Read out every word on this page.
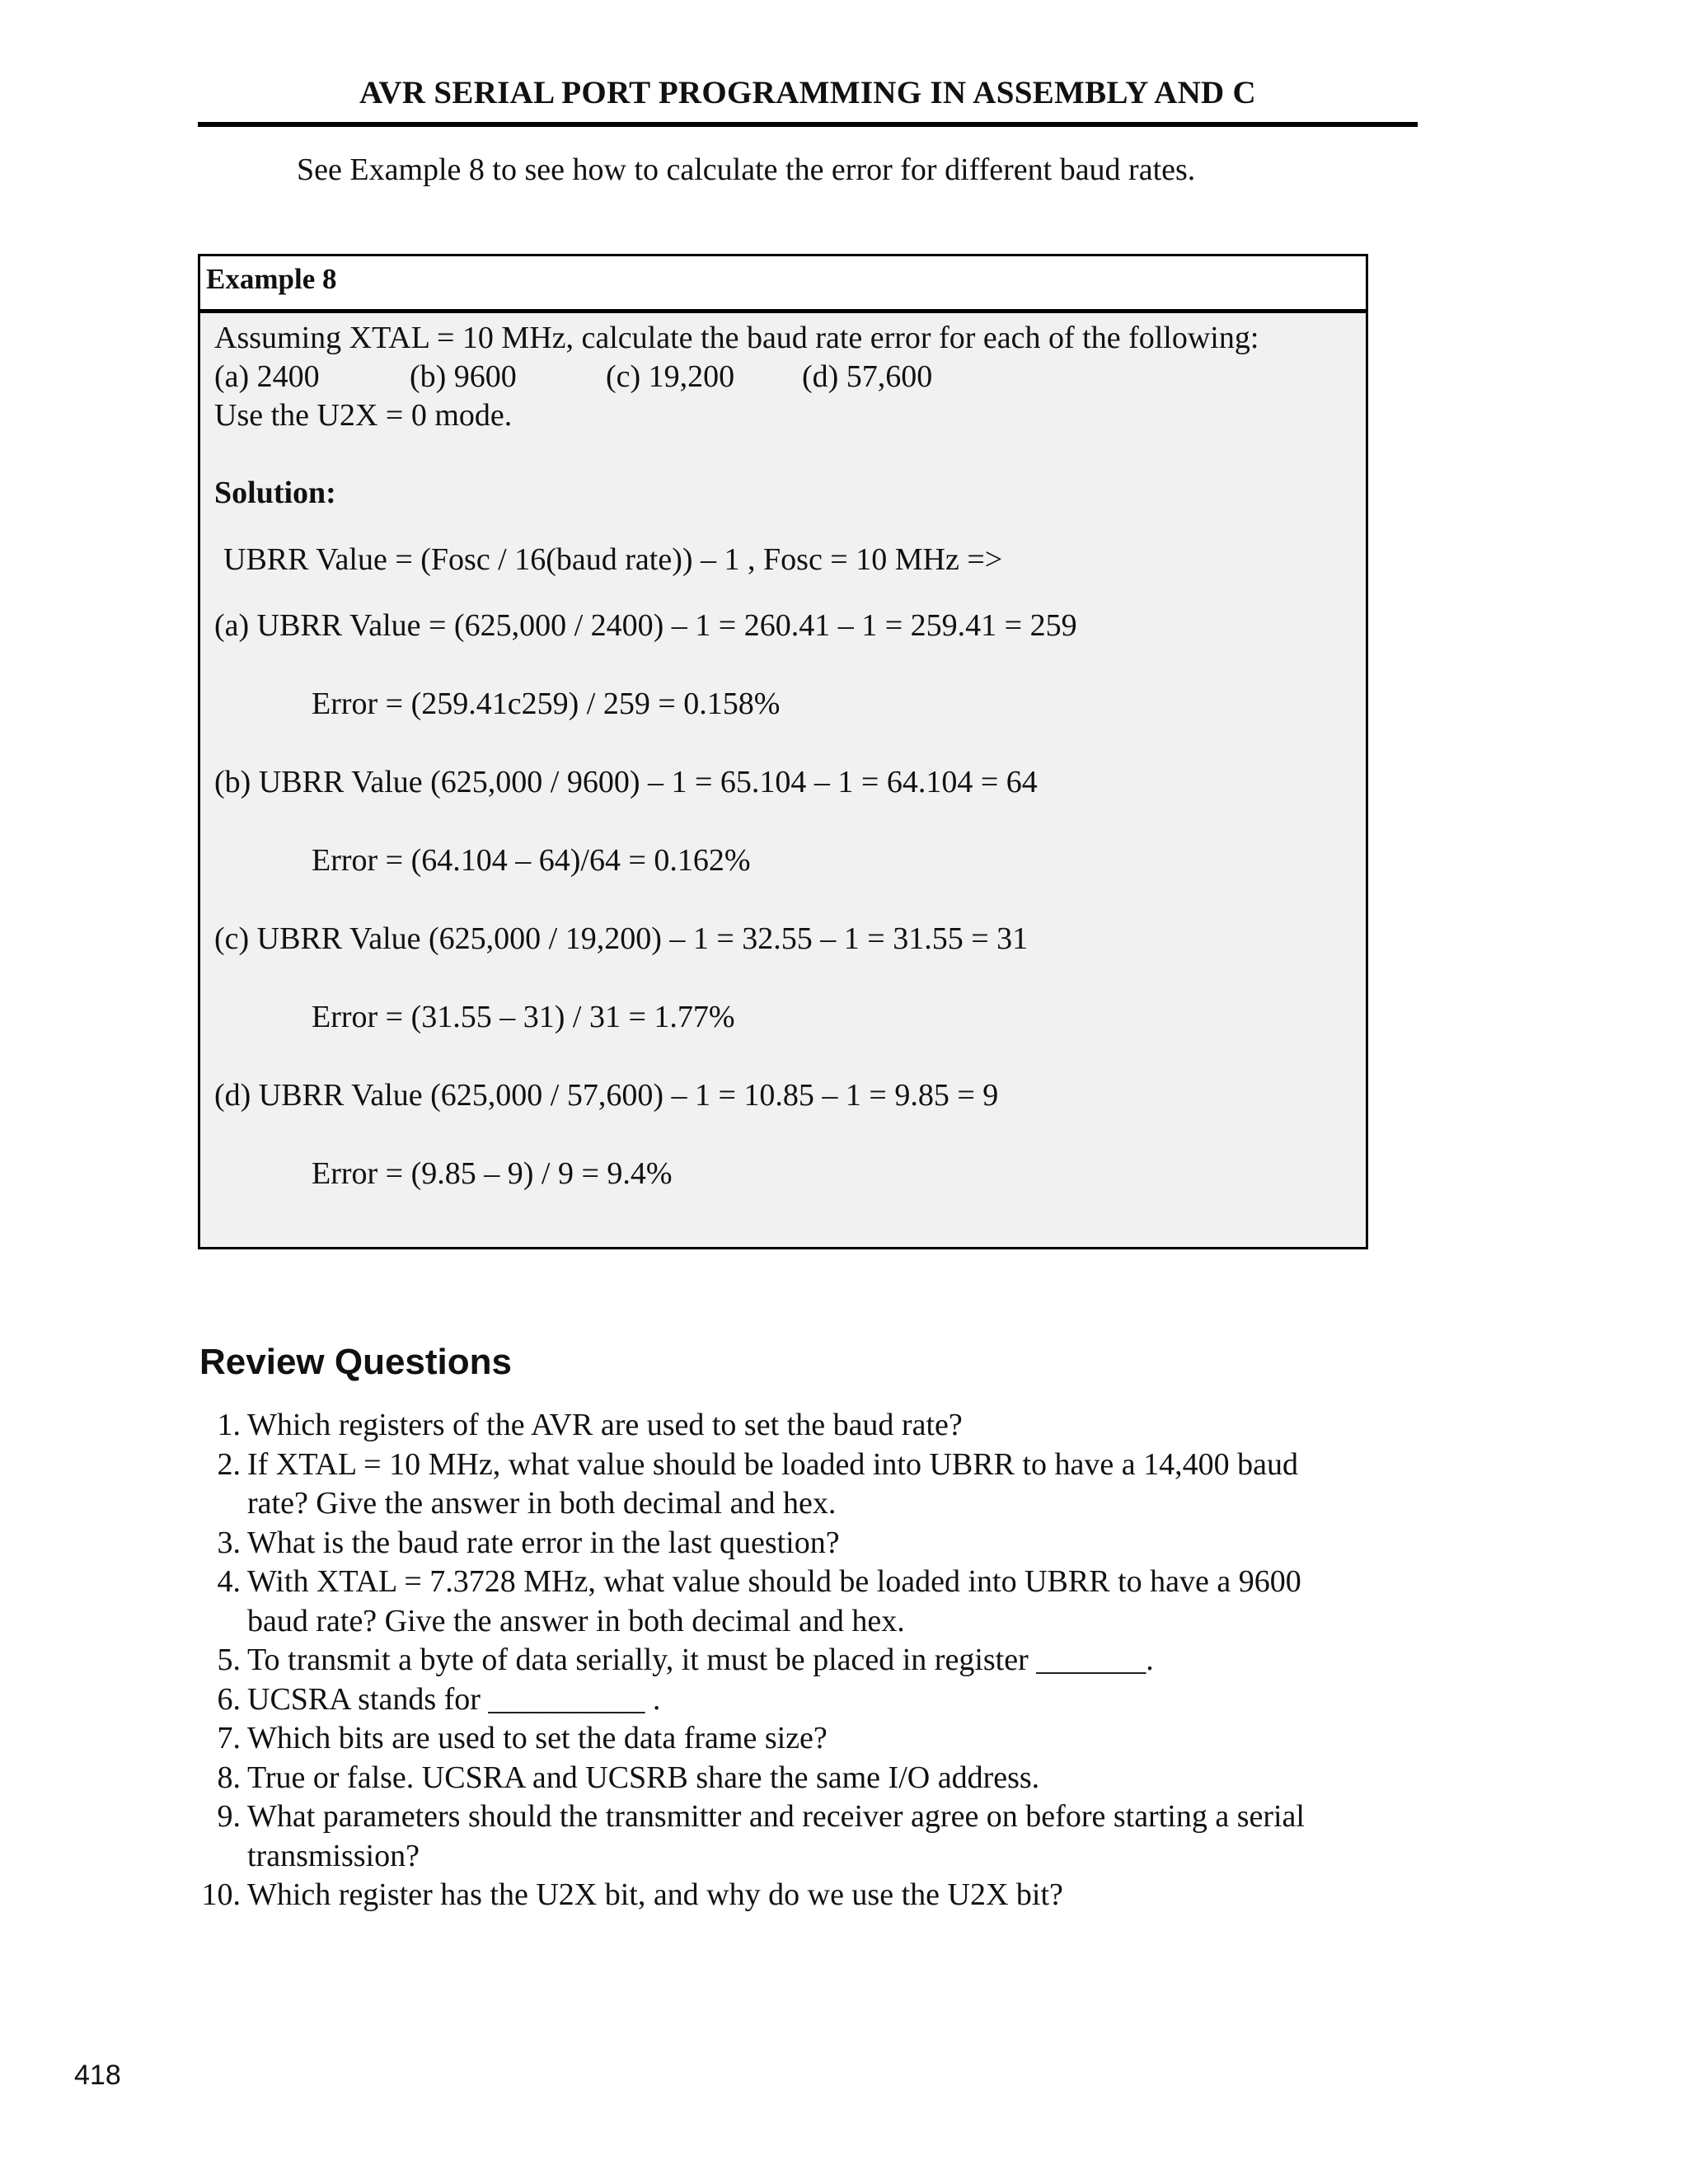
AVR SERIAL PORT PROGRAMMING IN ASSEMBLY AND C
See Example 8 to see how to calculate the error for different baud rates.
Example 8
Assuming XTAL = 10 MHz, calculate the baud rate error for each of the following:
(a) 2400	(b) 9600	(c) 19,200 (d) 57,600
Use the U2X = 0 mode.
Solution:
UBRR Value = (Fosc / 16(baud rate)) – 1 , Fosc = 10 MHz =>
(a) UBRR Value = (625,000 / 2400) – 1 = 260.41 – 1 = 259.41 = 259
Error = (259.41c259) / 259 = 0.158%
(b) UBRR Value (625,000 / 9600) – 1 = 65.104 – 1 = 64.104 = 64
Error = (64.104 – 64)/64 = 0.162%
(c) UBRR Value (625,000 / 19,200) – 1 = 32.55 – 1 = 31.55 = 31
Error = (31.55 – 31) / 31 = 1.77%
(d) UBRR Value (625,000 / 57,600) – 1 = 10.85 – 1 = 9.85 = 9
Error = (9.85 – 9) / 9 = 9.4%
Review Questions
1. Which registers of the AVR are used to set the baud rate?
2. If XTAL = 10 MHz, what value should be loaded into UBRR to have a 14,400 baud rate? Give the answer in both decimal and hex.
3. What is the baud rate error in the last question?
4. With XTAL = 7.3728 MHz, what value should be loaded into UBRR to have a 9600 baud rate? Give the answer in both decimal and hex.
5. To transmit a byte of data serially, it must be placed in register _______.
6. UCSRA stands for __________ .
7. Which bits are used to set the data frame size?
8. True or false. UCSRA and UCSRB share the same I/O address.
9. What parameters should the transmitter and receiver agree on before starting a serial transmission?
10. Which register has the U2X bit, and why do we use the U2X bit?
418
